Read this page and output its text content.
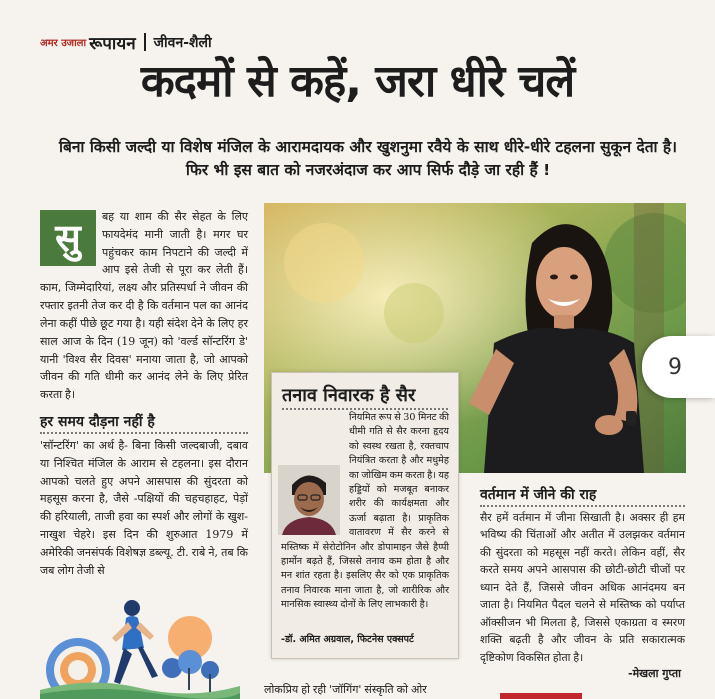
अमर उजाला रूपायन जीवन-शैली
कदमों से कहें, जरा धीरे चलें

बिना किसी जल्दी या विशेष मंजिल के आरामदायक और खुशनुमा रवैये के साथ धीरे-धीरे टहलना सुकून देता है। फिर भी इस बात को नजरअंदाज कर आप सिर्फ दौड़े जा रही हैं !

सु	बह या शाम की सैर सेहत के लिए फायदेमंद मानी जाती है। मगर घर पहुंचकर काम निपटाने की जल्दी में आप इसे तेजी से पूरा कर लेती हैं। काम, जिम्मेदारियां, लक्ष्य और प्रतिस्पर्धा ने जीवन की रफ्तार इतनी तेज कर दी है कि वर्तमान पल का आनंद लेना कहीं पीछे छूट गया है। यही संदेश देने के लिए हर साल आज के दिन (19 जून) को 'वर्ल्ड सॉन्टरिंग डे' यानी 'विश्व सैर दिवस' मनाया जाता है, जो आपको जीवन की गति धीमी कर आनंद लेने के लिए प्रेरित करता है।

हर समय दौड़ना नहीं है

'सॉन्टरिंग' का अर्थ है- बिना किसी जल्दबाजी, दबाव या निश्चित मंजिल के आराम से टहलना। इस दौरान आपको चलते हुए अपने आसपास की सुंदरता को महसूस करना है, जैसे -पक्षियों की चहचहाहट, पेड़ों की हरियाली, ताजी हवा का स्पर्श और लोगों के खुश-नाखुश चेहरे। इस दिन की शुरुआत 1979 में अमेरिकी जनसंपर्क विशेषज्ञ डब्ल्यू. टी. राबे ने, तब कि जब लोग तेजी से

9
तनाव निवारक है सैर
नियमित रूप से 30 मिनट की धीमी गति से सैर करना हृदय को स्वस्थ रखता है, रक्तचाप नियंत्रित करता है और मधुमेह का जोखिम कम करता है। यह हड्डियों को मजबूत बनाकर शरीर की कार्यक्षमता और ऊर्जा बढ़ाता है। प्राकृतिक वातावरण में सैर करने से मस्तिष्क में सेरोटोनिन और डोपामाइन जैसे हैप्पी हार्मोन बढ़ते हैं, जिससे तनाव कम होता है और मन शांत रहता है। इसलिए सैर को एक प्राकृतिक तनाव निवारक माना जाता है, जो शारीरिक और मानसिक स्वास्थ्य दोनों के लिए लाभकारी है।
-डॉ. अमित अग्रवाल, फिटनेस एक्सपर्ट
वर्तमान में जीने की राह

सैर हमें वर्तमान में जीना सिखाती है। अक्सर ही हम भविष्य की चिंताओं और अतीत में उलझकर वर्तमान की सुंदरता को महसूस नहीं करते। लेकिन वहीं, सैर करते समय अपने आसपास की छोटी-छोटी चीजों पर ध्यान देते हैं, जिससे जीवन अधिक आनंदमय बन जाता है। नियमित पैदल चलने से मस्तिष्क को पर्याप्त ऑक्सीजन भी मिलता है, जिससे एकाग्रता व स्मरण शक्ति बढ़ती है और जीवन के प्रति सकारात्मक दृष्टिकोण विकसित होता है।

-मेखला गुप्ता

लोकप्रिय हो रही 'जॉगिंग' संस्कृति को ओर
